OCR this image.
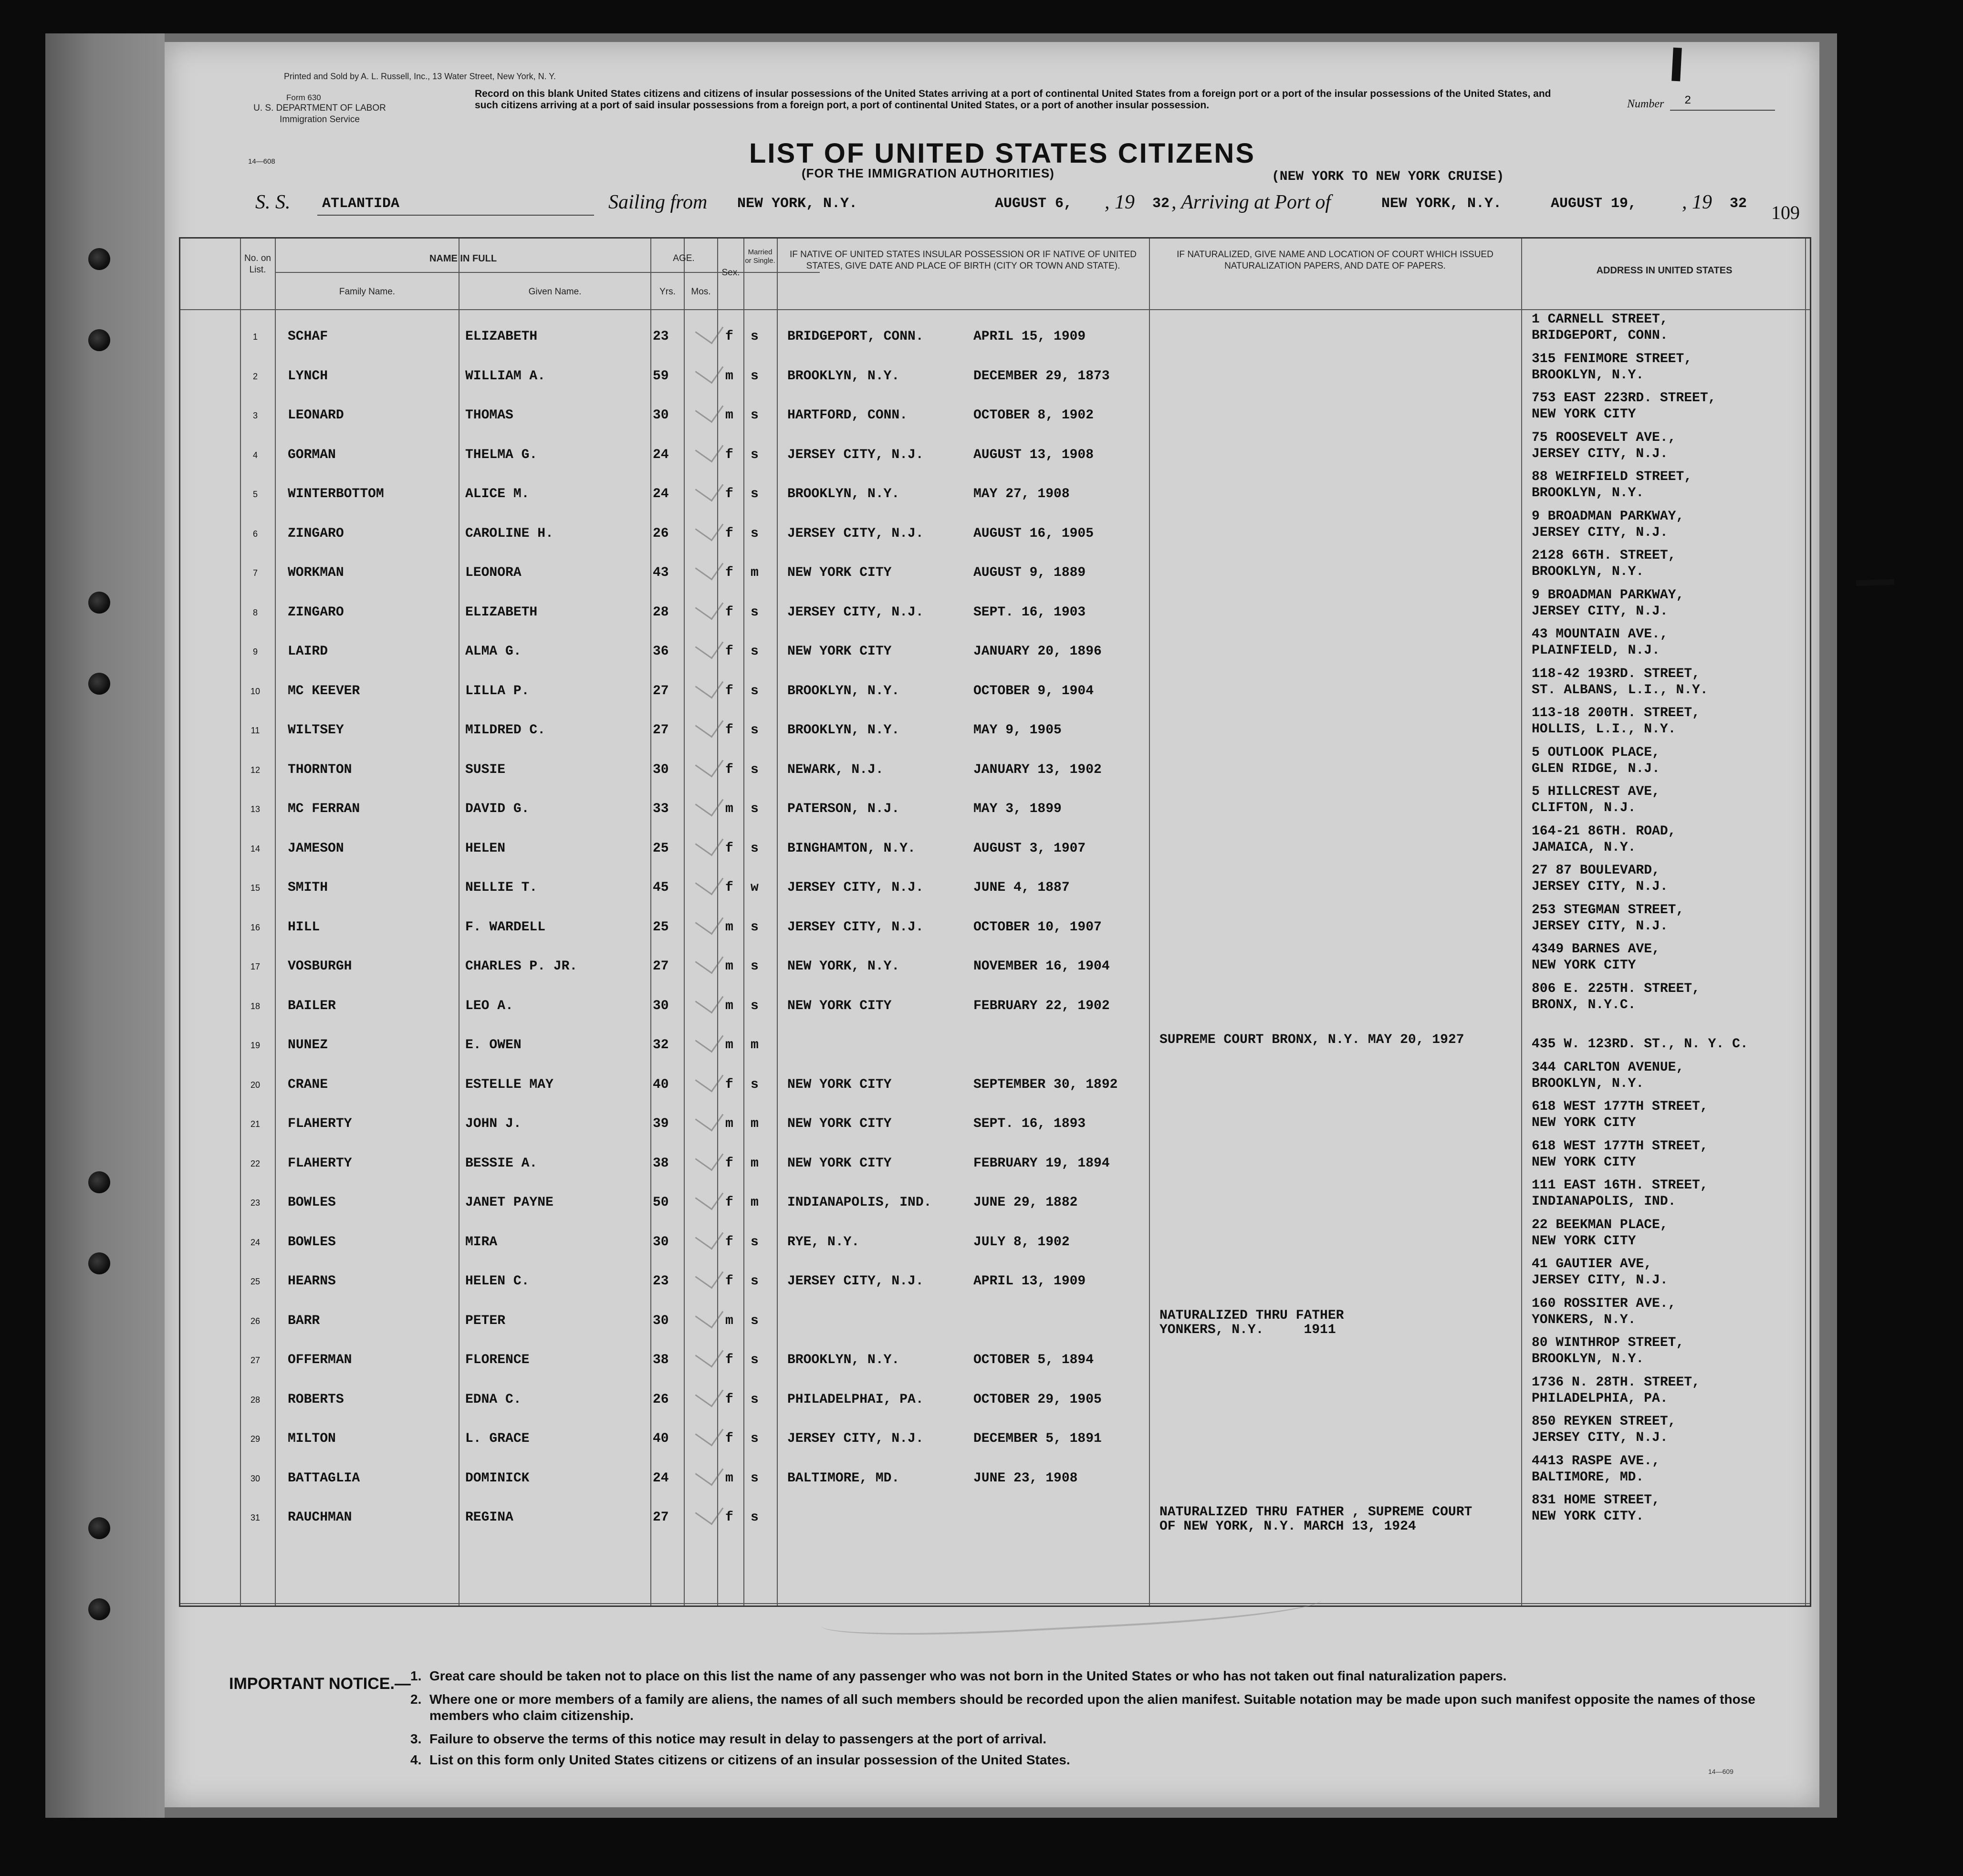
Printed and Sold by A. L. Russell, Inc., 13 Water Street, New York, N. Y.
Form 630
U. S. DEPARTMENT OF LABOR
Immigration Service
14—608
Record on this blank United States citizens and citizens of insular possessions of the United States arriving at a port of continental United States from a foreign port or a port of the insular possessions of the United States, and such citizens arriving at a port of said insular possessions from a foreign port, a port of continental United States, or a port of another insular possession.	Number 2
LIST OF UNITED STATES CITIZENS
(FOR THE IMMIGRATION AUTHORITIES)	(NEW YORK TO NEW YORK CRUISE)
S. S. ATLANTIDA	Sailing from NEW YORK, N.Y.	AUGUST 6, , 19 32 , Arriving at Port of	NEW YORK, N.Y.	AUGUST 19, , 19 32 109
No. on List.
NAME IN FULL
Family Name.	Given Name.
AGE.
Yrs.	Mos.
Sex.
Married or Single.
IF NATIVE OF UNITED STATES INSULAR POSSESSION OR IF NATIVE OF UNITED STATES, GIVE DATE AND PLACE OF BIRTH (CITY OR TOWN AND STATE).
IF NATURALIZED, GIVE NAME AND LOCATION OF COURT WHICH ISSUED NATURALIZATION PAPERS, AND DATE OF PAPERS.	ADDRESS IN UNITED STATES
1	SCHAF	ELIZABETH	23	f s BRIDGEPORT, CONN.	APRIL 15, 1909
1 CARNELL STREET,
BRIDGEPORT, CONN.
2	LYNCH	WILLIAM A.	59	m s BROOKLYN, N.Y.	DECEMBER 29, 1873
315 FENIMORE STREET,
BROOKLYN, N.Y.
3	LEONARD	THOMAS	30	m s HARTFORD, CONN.	OCTOBER 8, 1902
753 EAST 223RD. STREET,
NEW YORK CITY
4	GORMAN	THELMA G.	24	f s JERSEY CITY, N.J.	AUGUST 13, 1908
75 ROOSEVELT AVE.,
JERSEY CITY, N.J.
5	WINTERBOTTOM	ALICE M.	24	f s BROOKLYN, N.Y.	MAY 27, 1908
88 WEIRFIELD STREET,
BROOKLYN, N.Y.
6	ZINGARO	CAROLINE H.	26	f s JERSEY CITY, N.J.	AUGUST 16, 1905
9 BROADMAN PARKWAY,
JERSEY CITY, N.J.
7	WORKMAN	LEONORA	43	f m NEW YORK CITY	AUGUST 9, 1889
2128 66TH. STREET,
BROOKLYN, N.Y.
8	ZINGARO	ELIZABETH	28	f s JERSEY CITY, N.J.	SEPT. 16, 1903
9 BROADMAN PARKWAY,
JERSEY CITY, N.J.
9	LAIRD	ALMA G.	36	f s NEW YORK CITY	JANUARY 20, 1896
43 MOUNTAIN AVE.,
PLAINFIELD, N.J.
10	MC KEEVER	LILLA P.	27	f s BROOKLYN, N.Y.	OCTOBER 9, 1904
118-42 193RD. STREET,
ST. ALBANS, L.I., N.Y.
11	WILTSEY	MILDRED C.	27	f s BROOKLYN, N.Y.	MAY 9, 1905
113-18 200TH. STREET,
HOLLIS, L.I., N.Y.
12	THORNTON	SUSIE	30	f s NEWARK, N.J.	JANUARY 13, 1902
5 OUTLOOK PLACE,
GLEN RIDGE, N.J.
13	MC FERRAN	DAVID G.	33	m s PATERSON, N.J.	MAY 3, 1899
5 HILLCREST AVE,
CLIFTON, N.J.
14	JAMESON	HELEN	25	f s BINGHAMTON, N.Y.	AUGUST 3, 1907
164-21 86TH. ROAD,
JAMAICA, N.Y.
15	SMITH	NELLIE T.	45	f w JERSEY CITY, N.J.	JUNE 4, 1887
27 87 BOULEVARD,
JERSEY CITY, N.J.
16	HILL	F. WARDELL	25	m s JERSEY CITY, N.J.	OCTOBER 10, 1907
253 STEGMAN STREET,
JERSEY CITY, N.J.
17	VOSBURGH	CHARLES P. JR.	27	m s NEW YORK, N.Y.	NOVEMBER 16, 1904
4349 BARNES AVE,
NEW YORK CITY
18	BAILER	LEO A.	30	m s NEW YORK CITY	FEBRUARY 22, 1902
806 E. 225TH. STREET,
BRONX, N.Y.C.
19	NUNEZ	E. OWEN	32	m m	SUPREME COURT BRONX, N.Y. MAY 20, 1927	435 W. 123RD. ST., N. Y. C.
20	CRANE	ESTELLE MAY	40	f s NEW YORK CITY	SEPTEMBER 30, 1892
344 CARLTON AVENUE,
BROOKLYN, N.Y.
21	FLAHERTY	JOHN J.	39	m m NEW YORK CITY	SEPT. 16, 1893
618 WEST 177TH STREET,
NEW YORK CITY
22	FLAHERTY	BESSIE A.	38	f m NEW YORK CITY	FEBRUARY 19, 1894
618 WEST 177TH STREET,
NEW YORK CITY
23	BOWLES	JANET PAYNE	50	f m INDIANAPOLIS, IND.	JUNE 29, 1882
111 EAST 16TH. STREET,
INDIANAPOLIS, IND.
24	BOWLES	MIRA	30	f s RYE, N.Y.	JULY 8, 1902
22 BEEKMAN PLACE,
NEW YORK CITY
25	HEARNS	HELEN C.	23	f s JERSEY CITY, N.J.	APRIL 13, 1909
41 GAUTIER AVE,
JERSEY CITY, N.J.
26	BARR	PETER	30	m s	NATURALIZED THRU FATHER
YONKERS, N.Y.     1911
160 ROSSITER AVE.,
YONKERS, N.Y.
27	OFFERMAN	FLORENCE	38	f s BROOKLYN, N.Y.	OCTOBER 5, 1894
80 WINTHROP STREET,
BROOKLYN, N.Y.
28	ROBERTS	EDNA C.	26	f s PHILADELPHAI, PA.	OCTOBER 29, 1905
1736 N. 28TH. STREET,
PHILADELPHIA, PA.
29	MILTON	L. GRACE	40	f s JERSEY CITY, N.J.	DECEMBER 5, 1891
850 REYKEN STREET,
JERSEY CITY, N.J.
30	BATTAGLIA	DOMINICK	24	m s BALTIMORE, MD.	JUNE 23, 1908
4413 RASPE AVE.,
BALTIMORE, MD.
31	RAUCHMAN	REGINA	27	f s	NATURALIZED THRU FATHER , SUPREME COURT
OF NEW YORK, N.Y. MARCH 13, 1924
831 HOME STREET,
NEW YORK CITY.
IMPORTANT NOTICE.— 1. Great care should be taken not to place on this list the name of any passenger who was not born in the United States or who has not taken out final naturalization papers.
2. Where one or more members of a family are aliens, the names of all such members should be recorded upon the alien manifest. Suitable notation may be made upon such manifest opposite the names of those members who claim citizenship.
3. Failure to observe the terms of this notice may result in delay to passengers at the port of arrival.
4. List on this form only United States citizens or citizens of an insular possession of the United States.
14—609
